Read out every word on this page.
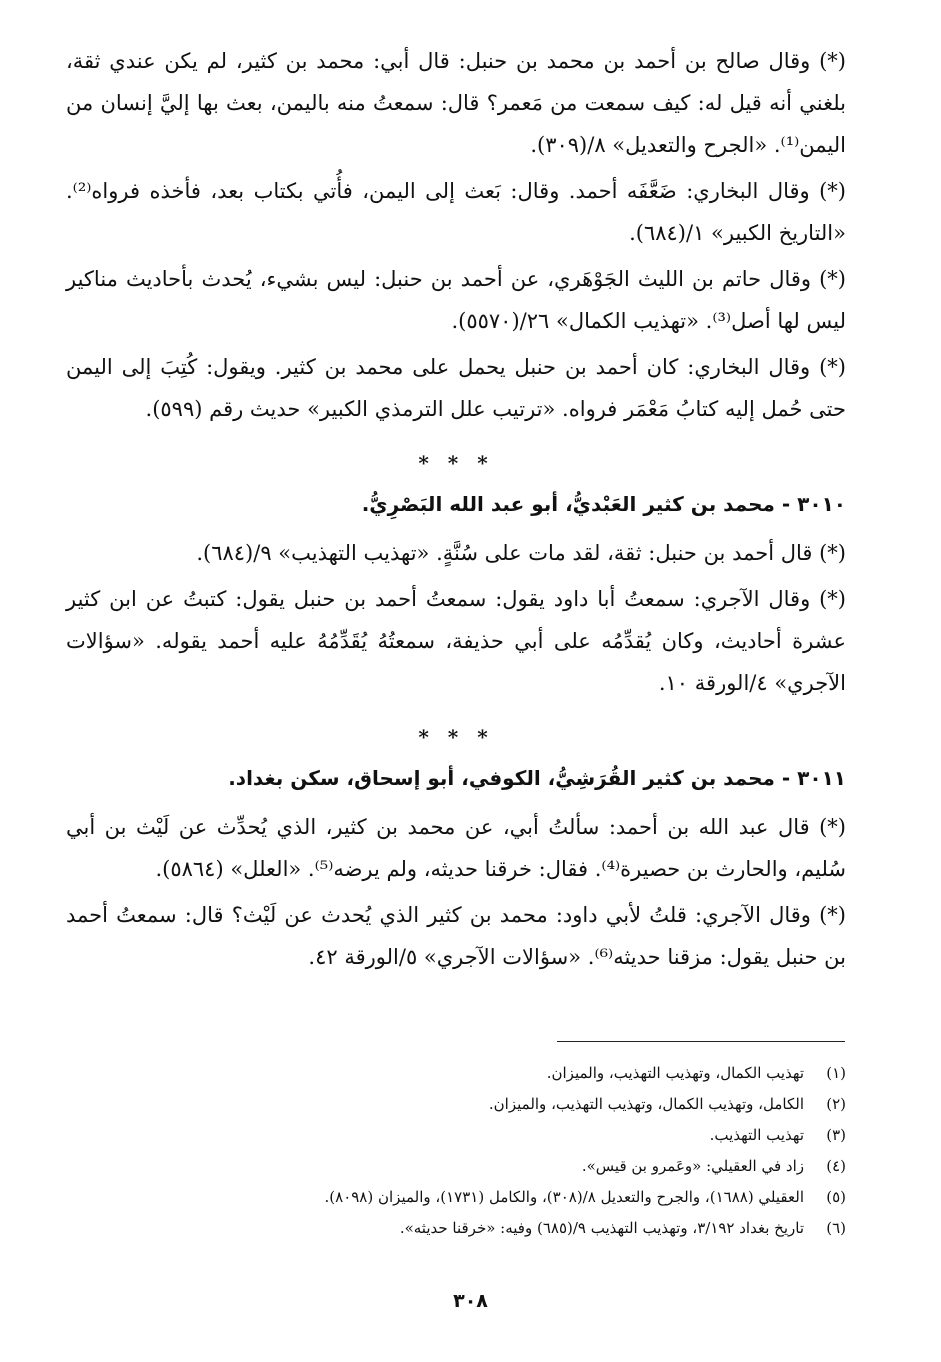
(*) وقال صالح بن أحمد بن محمد بن حنبل: قال أبي: محمد بن كثير، لم يكن عندي ثقة، بلغني أنه قيل له: كيف سمعت من مَعمر؟ قال: سمعتُ منه باليمن، بعث بها إليَّ إنسان من اليمن⁽¹⁾. «الجرح والتعديل» ٨/(٣٠٩).

(*) وقال البخاري: ضَعَّفَه أحمد. وقال: بَعث إلى اليمن، فأُتي بكتاب بعد، فأخذه فرواه⁽²⁾. «التاريخ الكبير» ١/(٦٨٤).

(*) وقال حاتم بن الليث الجَوْهَري، عن أحمد بن حنبل: ليس بشيء، يُحدث بأحاديث مناكير ليس لها أصل⁽³⁾. «تهذيب الكمال» ٢٦/(٥٥٧٠).

(*) وقال البخاري: كان أحمد بن حنبل يحمل على محمد بن كثير. ويقول: كُتِبَ إلى اليمن حتى حُمل إليه كتابُ مَعْمَر فرواه. «ترتيب علل الترمذي الكبير» حديث رقم (٥٩٩).

* * *
٣٠١٠ - محمد بن كثير العَبْديُّ، أبو عبد الله البَصْرِيُّ.

(*) قال أحمد بن حنبل: ثقة، لقد مات على سُنَّةٍ. «تهذيب التهذيب» ٩/(٦٨٤).

(*) وقال الآجري: سمعتُ أبا داود يقول: سمعتُ أحمد بن حنبل يقول: كتبتُ عن ابن كثير عشرة أحاديث، وكان يُقدِّمُه على أبي حذيفة، سمعتُهُ يُقَدِّمُهُ عليه أحمد يقوله. «سؤالات الآجري» ٤/الورقة ١٠.

* * *
٣٠١١ - محمد بن كثير القُرَشِيُّ، الكوفي، أبو إسحاق، سكن بغداد.

(*) قال عبد الله بن أحمد: سألتُ أبي، عن محمد بن كثير، الذي يُحدِّث عن لَيْث بن أبي سُليم، والحارث بن حصيرة⁽⁴⁾. فقال: خرقنا حديثه، ولم يرضه⁽⁵⁾. «العلل» (٥٨٦٤).

(*) وقال الآجري: قلتُ لأبي داود: محمد بن كثير الذي يُحدث عن لَيْث؟ قال: سمعتُ أحمد بن حنبل يقول: مزقنا حديثه⁽⁶⁾. «سؤالات الآجري» ٥/الورقة ٤٢.

(١)
تهذيب الكمال، وتهذيب التهذيب، والميزان.
(٢)
الكامل، وتهذيب الكمال، وتهذيب التهذيب، والميزان.
(٣)
تهذيب التهذيب.
(٤)
زاد في العقيلي: «وعَمرو بن قيس».
(٥)
العقيلي (١٦٨٨)، والجرح والتعديل ٨/(٣٠٨)، والكامل (١٧٣١)، والميزان (٨٠٩٨).
(٦)
تاريخ بغداد ٣/١٩٢، وتهذيب التهذيب ٩/(٦٨٥) وفيه: «خرقنا حديثه».
٣٠٨
